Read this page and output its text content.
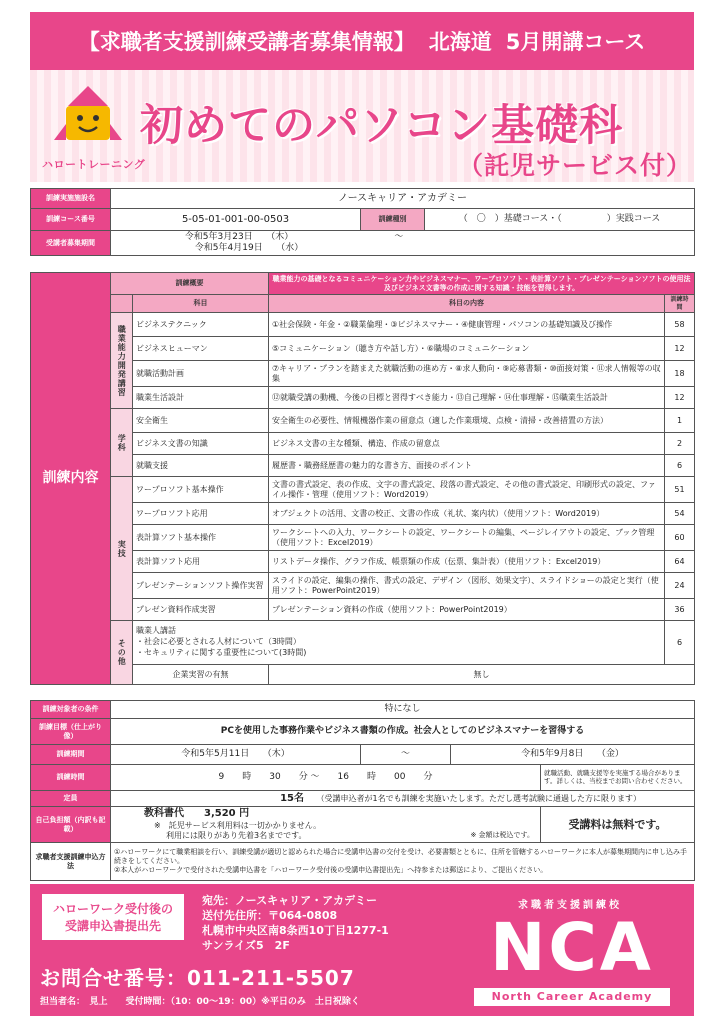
【求職者支援訓練受講者募集情報】 北海道 5月開講コース
ハロートレーニング
初めてのパソコン基礎科
（託児サービス付）
訓練実施施設名	ノースキャリア・アカデミー		
訓練コース番号	5-05-01-001-00-0503	訓練種別	（　〇　）基礎コース・（　　　　　）実践コース
受講者募集期間	令和5年3月23日　　（木） 〜 令和5年4月19日　　（水）		
訓練内容	訓練概要		職業能力の基礎となるコミュニケーション力やビジネスマナー、ワープロソフト・表計算ソフト・プレゼンテーションソフトの使用法及びビジネス文書等の作成に関する知識・技能を習得します。	
		科目	科目の内容	訓練時間
	職業能力開発講習	ビジネステクニック	①社会保険・年金・②職業倫理・③ビジネスマナー・④健康管理・パソコンの基礎知識及び操作	58
		ビジネスヒューマン	⑤コミュニケーション（聴き方や話し方）・⑥職場のコミュニケーション	12
		就職活動計画	⑦キャリア・プランを踏まえた就職活動の進め方・⑧求人動向・⑨応募書類・⑩面接対策・⑪求人情報等の収集	18
		職業生活設計	⑫就職受講の動機、今後の目標と習得すべき能力・⑬自己理解・⑭仕事理解・⑮職業生活設計	12
	学科	安全衛生	安全衛生の必要性、情報機器作業の留意点（適した作業環境、点検・清掃・改善措置の方法）	1
		ビジネス文書の知識	ビジネス文書の主な種類、構造、作成の留意点	2
		就職支援	履歴書・職務経歴書の魅力的な書き方、面接のポイント	6
	実技	ワープロソフト基本操作	文書の書式設定、表の作成、文字の書式設定、段落の書式設定、その他の書式設定、印刷形式の設定、ファイル操作・管理（使用ソフト：Word2019）	51
		ワープロソフト応用	オブジェクトの活用、文書の校正、文書の作成（礼状、案内状）（使用ソフト：Word2019）	54
		表計算ソフト基本操作	ワークシートへの入力、ワークシートの設定、ワークシートの編集、ページレイアウトの設定、ブック管理（使用ソフト：Excel2019）	60
		表計算ソフト応用	リストデータ操作、グラフ作成、帳票類の作成（伝票、集計表）（使用ソフト：Excel2019）	64
		プレゼンテーションソフト操作実習	スライドの設定、編集の操作、書式の設定、デザイン（図形、効果文字）、スライドショーの設定と実行（使用ソフト：PowerPoint2019）	24
		プレゼン資料作成実習	プレゼンテーション資料の作成（使用ソフト：PowerPoint2019）	36
	その他	職業人講話
・社会に必要とされる人材について（3時間）
・セキュリティに関する重要性について(3時間)		6
		企業実習の有無	無し	
訓練対象者の条件	特になし			
訓練目標（仕上がり像）	PCを使用した事務作業やビジネス書類の作成。社会人としてのビジネスマナーを習得する			
訓練期間	令和5年5月11日　　（木）	〜	令和5年9月8日　　（金）	
訓練時間	9　　時　　30　　分 〜　　16　　時　　00　　分			就職活動、就職支援等を実施する場合があります。詳しくは、当校までお問い合わせください。
定員	15名 （受講申込者が1名でも訓練を実施いたします。ただし選考試験に通過した方に限ります）			
自己負担額（内訳も記載）	教科書代　　3,520 円
※　託児サービス利用料は一切かかりません。
利用には限りがあり先着3名までです。 ※ 金額は税込です。			受講料は無料です。
求職者支援訓練申込方法	①ハローワークにて職業相談を行い、訓練受講が適切と認められた場合に受講申込書の交付を受け、必要書類とともに、住所を管轄するハローワークに本人が募集期間内に申し込み手続きをしてください。
②本人がハローワークで受付された受講申込書を「ハローワーク受付後の受講申込書提出先」へ持参または郵送により、ご提出ください。			
ハローワーク受付後の
受講申込書提出先
宛先：ノースキャリア・アカデミー
送付先住所：〒064-0808
札幌市中央区南8条西10丁目1277-1
サンライズ5　2F
求職者支援訓練校
NCA
North Career Academy
お問合せ番号：011-211-5507
担当者名：　見上　　受付時間：（10：00〜19：00）※平日のみ　土日祝除く
